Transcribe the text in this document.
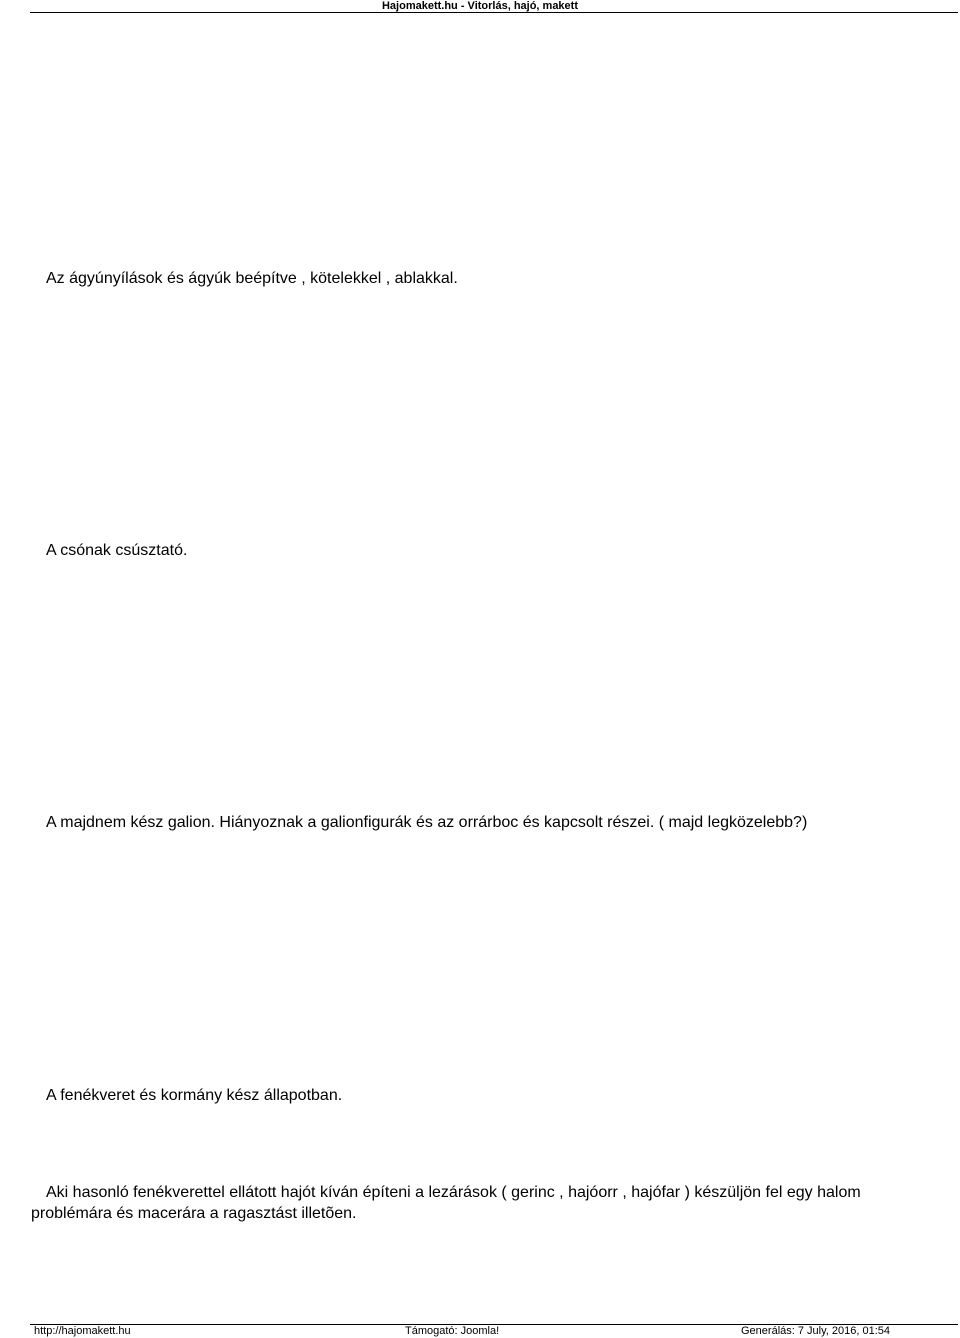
Hajomakett.hu - Vitorlás, hajó, makett
Az ágyúnyílások és ágyúk beépítve , kötelekkel , ablakkal.
A csónak csúsztató.
A majdnem kész galion. Hiányoznak a galionfigurák és az orrárboc és kapcsolt részei. ( majd legközelebb?)
A fenékveret és kormány kész állapotban.
Aki hasonló fenékverettel ellátott hajót kíván építeni a lezárások ( gerinc , hajóorr , hajófar ) készüljön fel egy halom problémára és macerára a ragasztást illetõen.
http://hajomakett.hu	Támogató: Joomla!	Generálás: 7 July, 2016, 01:54
